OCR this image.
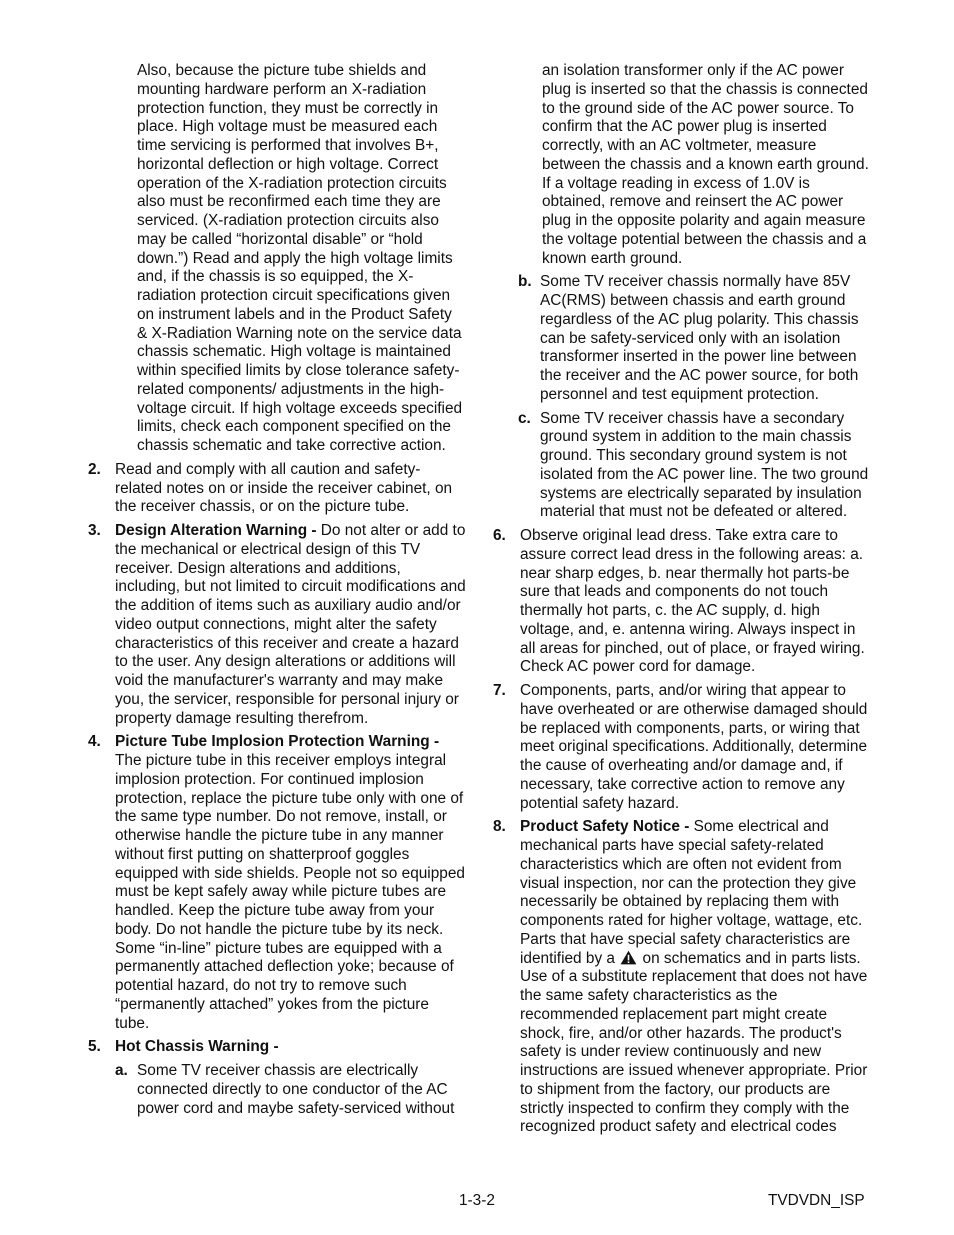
Also, because the picture tube shields and mounting hardware perform an X-radiation protection function, they must be correctly in place. High voltage must be measured each time servicing is performed that involves B+, horizontal deflection or high voltage. Correct operation of the X-radiation protection circuits also must be reconfirmed each time they are serviced. (X-radiation protection circuits also may be called “horizontal disable” or “hold down.”) Read and apply the high voltage limits and, if the chassis is so equipped, the X-radiation protection circuit specifications given on instrument labels and in the Product Safety & X-Radiation Warning note on the service data chassis schematic. High voltage is maintained within specified limits by close tolerance safety-related components/ adjustments in the high-voltage circuit. If high voltage exceeds specified limits, check each component specified on the chassis schematic and take corrective action.

2. Read and comply with all caution and safety-related notes on or inside the receiver cabinet, on the receiver chassis, or on the picture tube.
3. Design Alteration Warning - Do not alter or add to the mechanical or electrical design of this TV receiver. Design alterations and additions, including, but not limited to circuit modifications and the addition of items such as auxiliary audio and/or video output connections, might alter the safety characteristics of this receiver and create a hazard to the user. Any design alterations or additions will void the manufacturer's warranty and may make you, the servicer, responsible for personal injury or property damage resulting therefrom.
4. Picture Tube Implosion Protection Warning - The picture tube in this receiver employs integral implosion protection. For continued implosion protection, replace the picture tube only with one of the same type number. Do not remove, install, or otherwise handle the picture tube in any manner without first putting on shatterproof goggles equipped with side shields. People not so equipped must be kept safely away while picture tubes are handled. Keep the picture tube away from your body. Do not handle the picture tube by its neck. Some “in-line” picture tubes are equipped with a permanently attached deflection yoke; because of potential hazard, do not try to remove such “permanently attached” yokes from the picture tube.
5. Hot Chassis Warning -
a. Some TV receiver chassis are electrically connected directly to one conductor of the AC power cord and maybe safety-serviced without

an isolation transformer only if the AC power plug is inserted so that the chassis is connected to the ground side of the AC power source. To confirm that the AC power plug is inserted correctly, with an AC voltmeter, measure between the chassis and a known earth ground. If a voltage reading in excess of 1.0V is obtained, remove and reinsert the AC power plug in the opposite polarity and again measure the voltage potential between the chassis and a known earth ground.

b. Some TV receiver chassis normally have 85V AC(RMS) between chassis and earth ground regardless of the AC plug polarity. This chassis can be safety-serviced only with an isolation transformer inserted in the power line between the receiver and the AC power source, for both personnel and test equipment protection.
c. Some TV receiver chassis have a secondary ground system in addition to the main chassis ground. This secondary ground system is not isolated from the AC power line. The two ground systems are electrically separated by insulation material that must not be defeated or altered.
6. Observe original lead dress. Take extra care to assure correct lead dress in the following areas: a. near sharp edges, b. near thermally hot parts-be sure that leads and components do not touch thermally hot parts, c. the AC supply, d. high voltage, and, e. antenna wiring. Always inspect in all areas for pinched, out of place, or frayed wiring. Check AC power cord for damage.
7. Components, parts, and/or wiring that appear to have overheated or are otherwise damaged should be replaced with components, parts, or wiring that meet original specifications. Additionally, determine the cause of overheating and/or damage and, if necessary, take corrective action to remove any potential safety hazard.
8. Product Safety Notice - Some electrical and mechanical parts have special safety-related characteristics which are often not evident from visual inspection, nor can the protection they give necessarily be obtained by replacing them with components rated for higher voltage, wattage, etc. Parts that have special safety characteristics are identified by a  on schematics and in parts lists. Use of a substitute replacement that does not have the same safety characteristics as the recommended replacement part might create shock, fire, and/or other hazards. The product's safety is under review continuously and new instructions are issued whenever appropriate. Prior to shipment from the factory, our products are strictly inspected to confirm they comply with the recognized product safety and electrical codes
1-3-2	TVDVDN_ISP
